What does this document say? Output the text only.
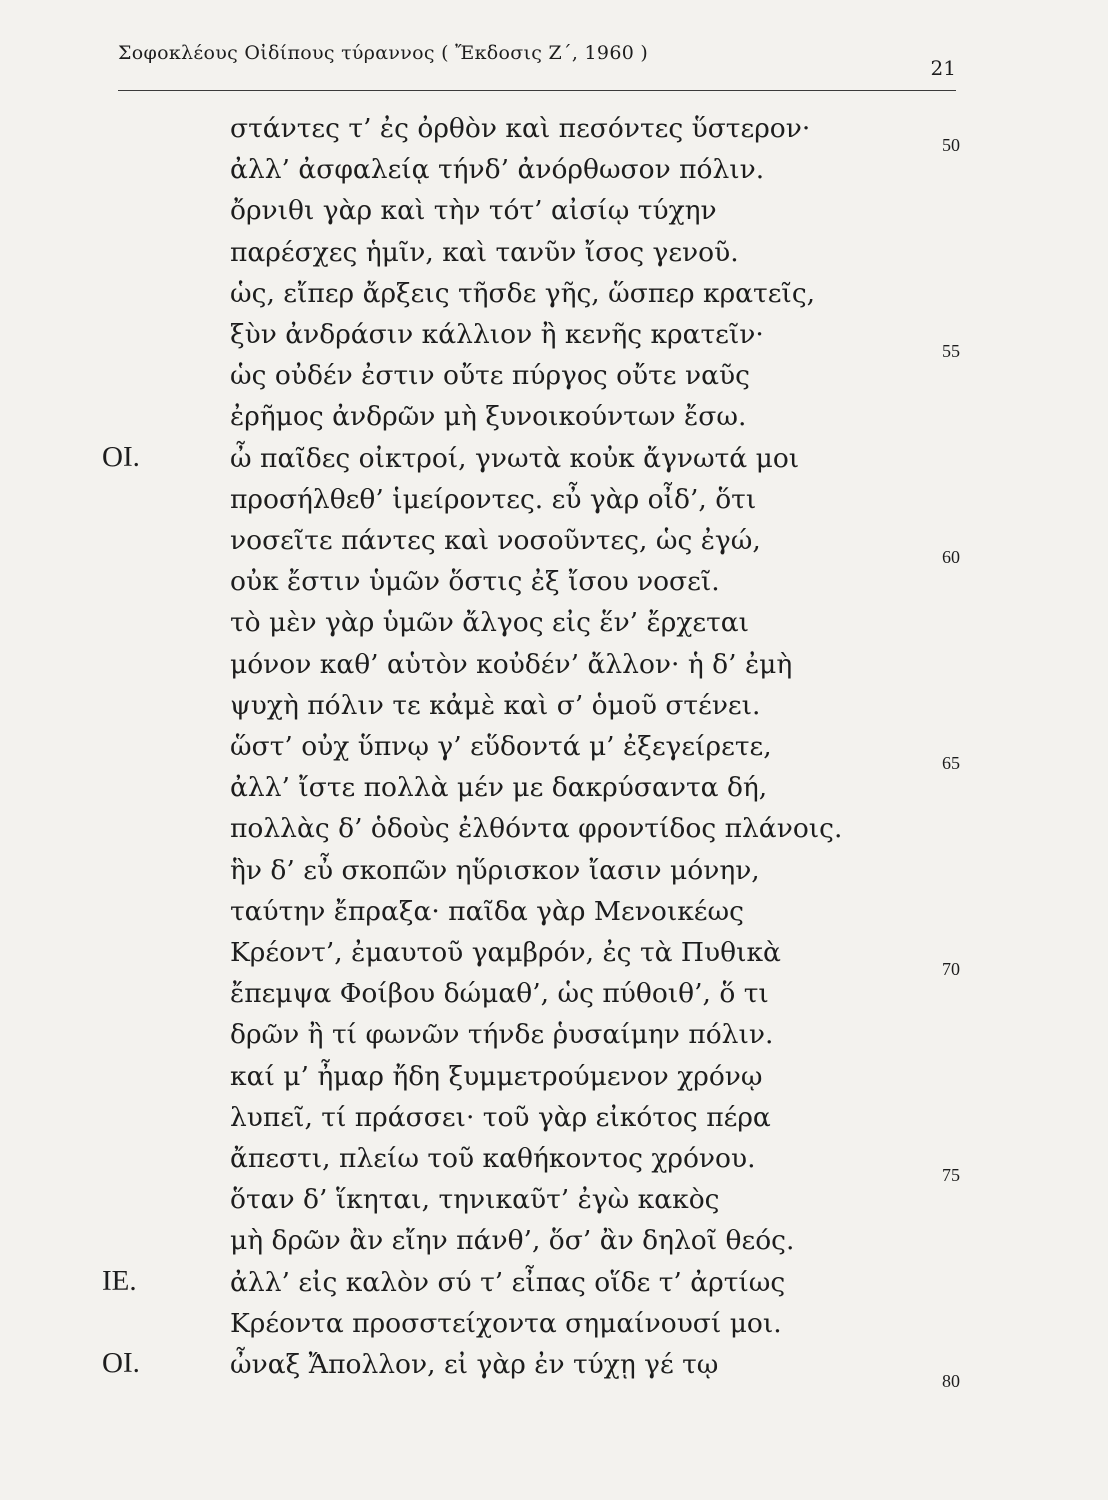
Σοφοκλέους Οἰδίπους τύραννος ( Ἔκδοσις Ζ΄, 1960 )
21
στάντες τ’ ἐς ὀρθὸν καὶ πεσόντες ὕστερον·
50
ἀλλ’ ἀσφαλείᾳ τήνδ’ ἀνόρθωσον πόλιν.
ὄρνιθι γὰρ καὶ τὴν τότ’ αἰσίῳ τύχην
παρέσχες ἡμῖν, καὶ τανῦν ἴσος γενοῦ.
ὡς, εἴπερ ἄρξεις τῆσδε γῆς, ὥσπερ κρατεῖς,
ξὺν ἀνδράσιν κάλλιον ἢ κενῆς κρατεῖν·
55
ὡς οὐδέν ἐστιν οὔτε πύργος οὔτε ναῦς
ἐρῆμος ἀνδρῶν μὴ ξυνοικούντων ἔσω.
ὦ παῖδες οἰκτροί, γνωτὰ κοὐκ ἄγνωτά μοι
ΟΙ.
προσήλθεθ’ ἱμείροντες. εὖ γὰρ οἶδ’, ὅτι
νοσεῖτε πάντες καὶ νοσοῦντες, ὡς ἐγώ,
60
οὐκ ἔστιν ὑμῶν ὅστις ἐξ ἴσου νοσεῖ.
τὸ μὲν γὰρ ὑμῶν ἄλγος εἰς ἕν’ ἔρχεται
μόνον καθ’ αὑτὸν κοὐδέν’ ἄλλον· ἡ δ’ ἐμὴ
ψυχὴ πόλιν τε κἀμὲ καὶ σ’ ὁμοῦ στένει.
ὥστ’ οὐχ ὕπνῳ γ’ εὕδοντά μ’ ἐξεγείρετε,
65
ἀλλ’ ἴστε πολλὰ μέν με δακρύσαντα δή,
πολλὰς δ’ ὁδοὺς ἐλθόντα φροντίδος πλάνοις.
ἣν δ’ εὖ σκοπῶν ηὕρισκον ἴασιν μόνην,
ταύτην ἔπραξα· παῖδα γὰρ Μενοικέως
Κρέοντ’, ἐμαυτοῦ γαμβρόν, ἐς τὰ Πυθικὰ
70
ἔπεμψα Φοίβου δώμαθ’, ὡς πύθοιθ’, ὅ τι
δρῶν ἢ τί φωνῶν τήνδε ῥυσαίμην πόλιν.
καί μ’ ἦμαρ ἤδη ξυμμετρούμενον χρόνῳ
λυπεῖ, τί πράσσει· τοῦ γὰρ εἰκότος πέρα
ἄπεστι, πλείω τοῦ καθήκοντος χρόνου.
75
ὅταν δ’ ἵκηται, τηνικαῦτ’ ἐγὼ κακὸς
μὴ δρῶν ἂν εἴην πάνθ’, ὅσ’ ἂν δηλοῖ θεός.
ἀλλ’ εἰς καλὸν σύ τ’ εἶπας οἵδε τ’ ἀρτίως
ΙΕ.
Κρέοντα προσστείχοντα σημαίνουσί μοι.
ὦναξ Ἄπολλον, εἰ γὰρ ἐν τύχῃ γέ τῳ
ΟΙ.
80
